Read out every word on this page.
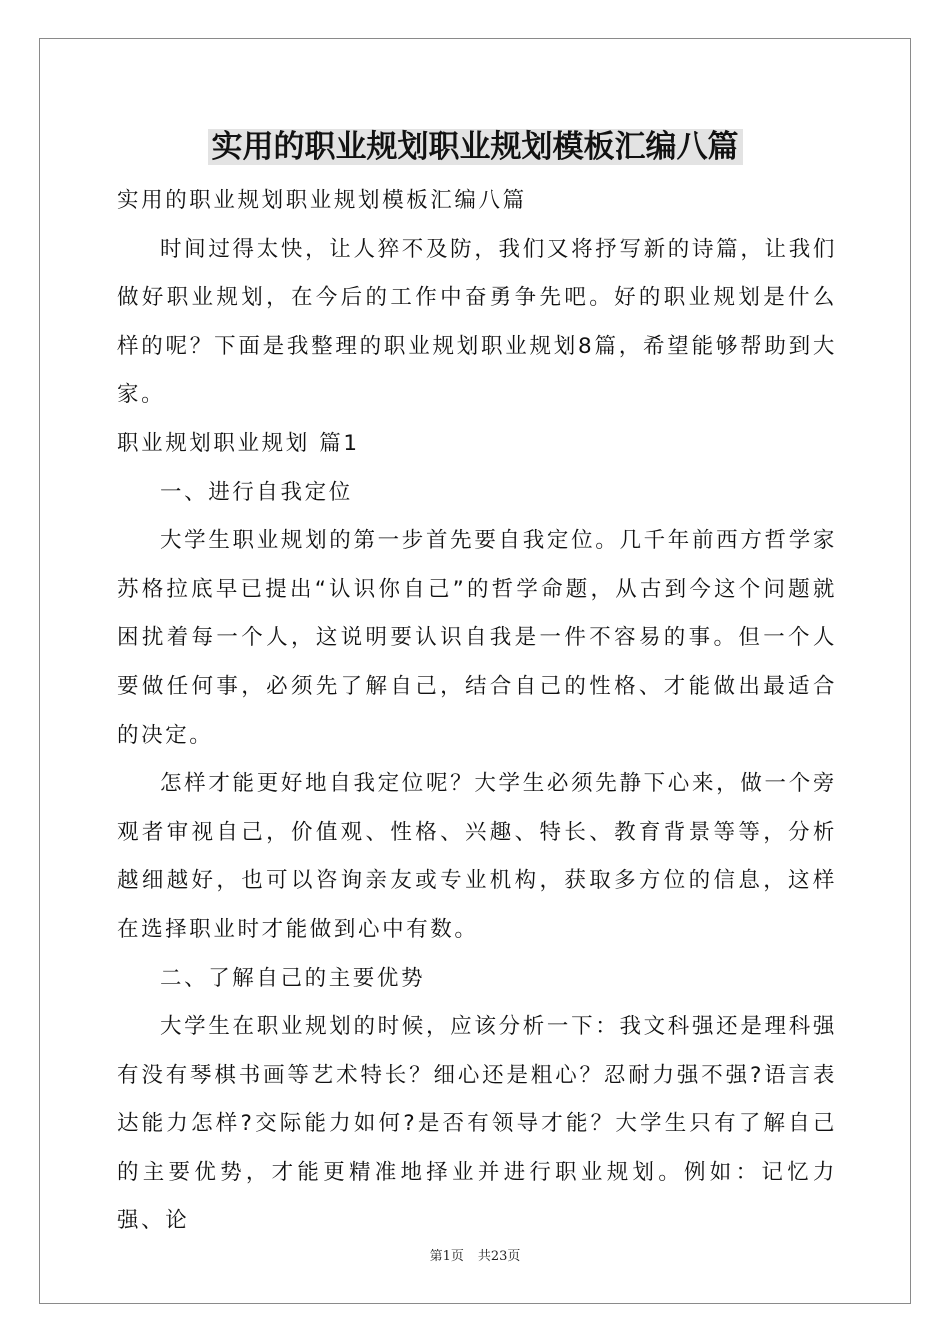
实用的职业规划职业规划模板汇编八篇

实用的职业规划职业规划模板汇编八篇

时间过得太快，让人猝不及防，我们又将抒写新的诗篇，让我们做好职业规划，在今后的工作中奋勇争先吧。好的职业规划是什么样的呢？下面是我整理的职业规划职业规划8篇，希望能够帮助到大家。

职业规划职业规划 篇1

一、进行自我定位

大学生职业规划的第一步首先要自我定位。几千年前西方哲学家苏格拉底早已提出“认识你自己”的哲学命题，从古到今这个问题就困扰着每一个人，这说明要认识自我是一件不容易的事。但一个人要做任何事，必须先了解自己，结合自己的性格、才能做出最适合的决定。

怎样才能更好地自我定位呢？大学生必须先静下心来，做一个旁观者审视自己，价值观、性格、兴趣、特长、教育背景等等，分析越细越好，也可以咨询亲友或专业机构，获取多方位的信息，这样在选择职业时才能做到心中有数。

二、了解自己的主要优势

大学生在职业规划的时候，应该分析一下：我文科强还是理科强有没有琴棋书画等艺术特长？细心还是粗心？忍耐力强不强?语言表达能力怎样?交际能力如何?是否有领导才能？大学生只有了解自己的主要优势，才能更精准地择业并进行职业规划。例如：记忆力强、论

第1页 共23页
